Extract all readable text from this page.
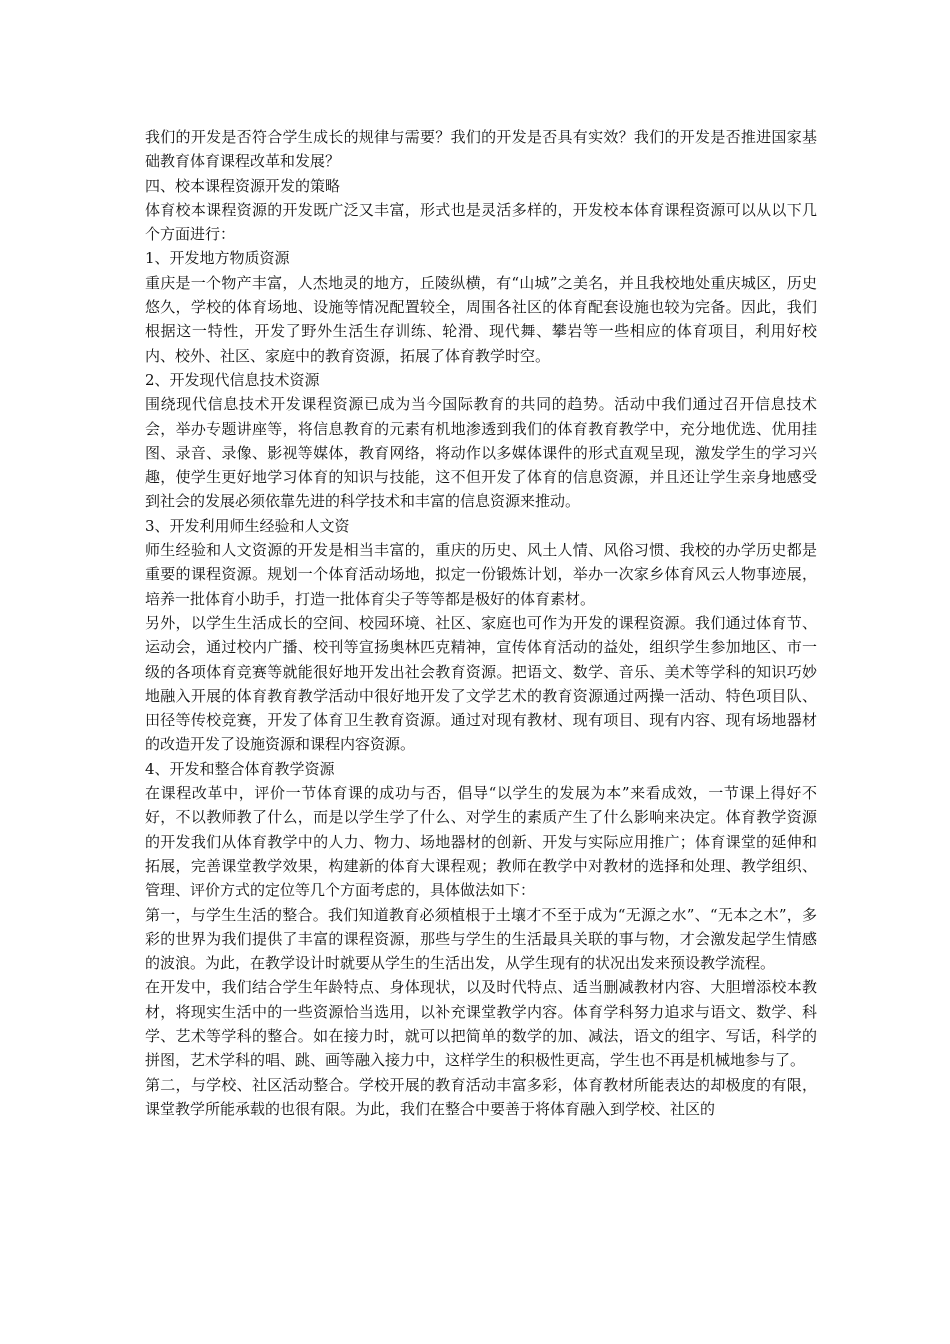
我们的开发是否符合学生成长的规律与需要？我们的开发是否具有实效？我们的开发是否推进国家基础教育体育课程改革和发展？

四、校本课程资源开发的策略

体育校本课程资源的开发既广泛又丰富，形式也是灵活多样的，开发校本体育课程资源可以从以下几个方面进行：

1、开发地方物质资源

重庆是一个物产丰富，人杰地灵的地方，丘陵纵横，有“山城”之美名，并且我校地处重庆城区，历史悠久，学校的体育场地、设施等情况配置较全，周围各社区的体育配套设施也较为完备。因此，我们根据这一特性，开发了野外生活生存训练、轮滑、现代舞、攀岩等一些相应的体育项目，利用好校内、校外、社区、家庭中的教育资源，拓展了体育教学时空。

2、开发现代信息技术资源

围绕现代信息技术开发课程资源已成为当今国际教育的共同的趋势。活动中我们通过召开信息技术会，举办专题讲座等，将信息教育的元素有机地渗透到我们的体育教育教学中，充分地优选、优用挂图、录音、录像、影视等媒体，教育网络，将动作以多媒体课件的形式直观呈现，激发学生的学习兴趣，使学生更好地学习体育的知识与技能，这不但开发了体育的信息资源，并且还让学生亲身地感受到社会的发展必须依靠先进的科学技术和丰富的信息资源来推动。

3、开发利用师生经验和人文资

师生经验和人文资源的开发是相当丰富的，重庆的历史、风土人情、风俗习惯、我校的办学历史都是重要的课程资源。规划一个体育活动场地，拟定一份锻炼计划，举办一次家乡体育风云人物事迹展，培养一批体育小助手，打造一批体育尖子等等都是极好的体育素材。

另外，以学生生活成长的空间、校园环境、社区、家庭也可作为开发的课程资源。我们通过体育节、运动会，通过校内广播、校刊等宣扬奥林匹克精神，宣传体育活动的益处，组织学生参加地区、市一级的各项体育竞赛等就能很好地开发出社会教育资源。把语文、数学、音乐、美术等学科的知识巧妙地融入开展的体育教育教学活动中很好地开发了文学艺术的教育资源通过两操一活动、特色项目队、田径等传校竞赛，开发了体育卫生教育资源。通过对现有教材、现有项目、现有内容、现有场地器材的改造开发了设施资源和课程内容资源。

4、开发和整合体育教学资源

在课程改革中，评价一节体育课的成功与否，倡导“以学生的发展为本”来看成效，一节课上得好不好，不以教师教了什么，而是以学生学了什么、对学生的素质产生了什么影响来决定。体育教学资源的开发我们从体育教学中的人力、物力、场地器材的创新、开发与实际应用推广；体育课堂的延伸和拓展，完善课堂教学效果，构建新的体育大课程观；教师在教学中对教材的选择和处理、教学组织、管理、评价方式的定位等几个方面考虑的，具体做法如下：

第一，与学生生活的整合。我们知道教育必须植根于土壤才不至于成为“无源之水”、“无本之木”，多彩的世界为我们提供了丰富的课程资源，那些与学生的生活最具关联的事与物，才会激发起学生情感的波浪。为此，在教学设计时就要从学生的生活出发，从学生现有的状况出发来预设教学流程。

在开发中，我们结合学生年龄特点、身体现状，以及时代特点、适当删减教材内容、大胆增添校本教材，将现实生活中的一些资源恰当选用，以补充课堂教学内容。体育学科努力追求与语文、数学、科学、艺术等学科的整合。如在接力时，就可以把简单的数学的加、减法，语文的组字、写话，科学的拼图，艺术学科的唱、跳、画等融入接力中，这样学生的积极性更高，学生也不再是机械地参与了。

第二，与学校、社区活动整合。学校开展的教育活动丰富多彩，体育教材所能表达的却极度的有限，课堂教学所能承载的也很有限。为此，我们在整合中要善于将体育融入到学校、社区的
